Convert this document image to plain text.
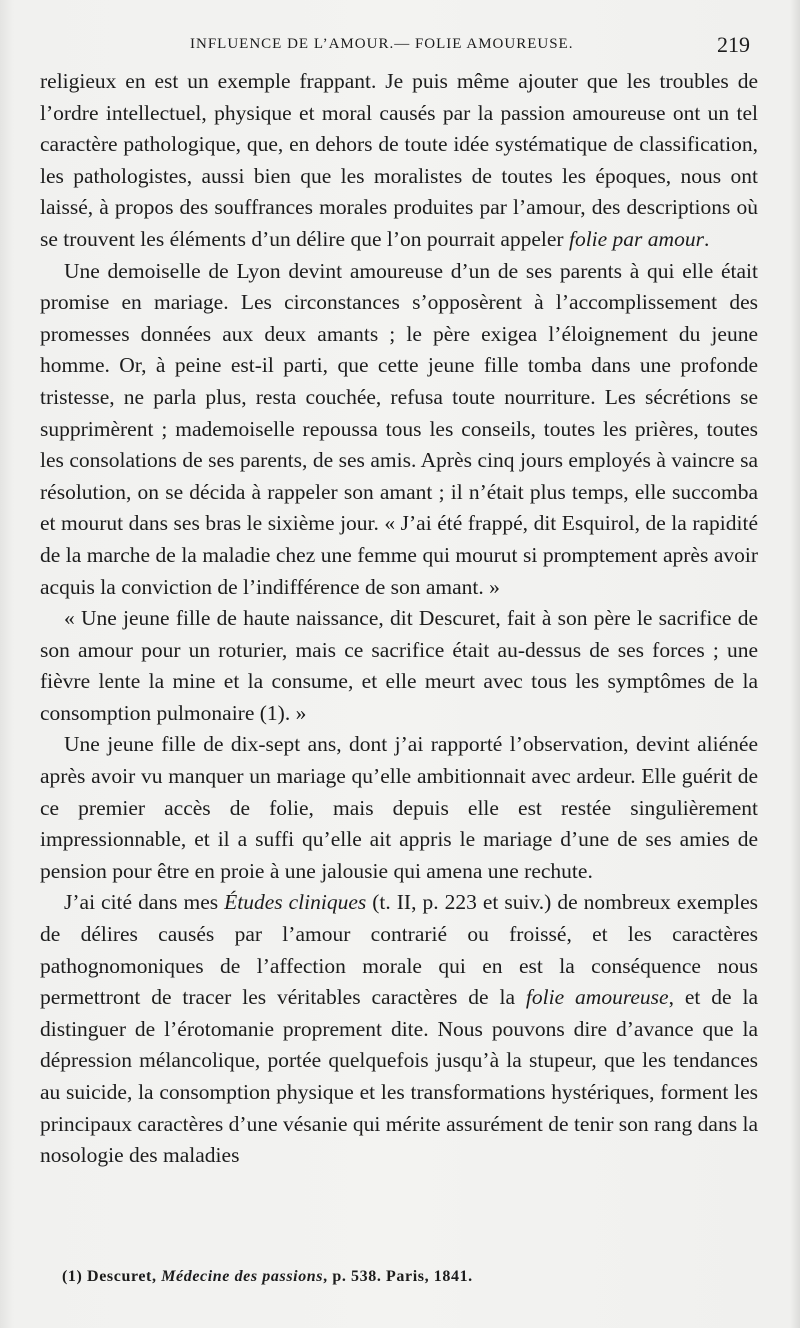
INFLUENCE DE L’AMOUR.— FOLIE AMOUREUSE.	219

religieux en est un exemple frappant. Je puis même ajouter que les troubles de l’ordre intellectuel, physique et moral causés par la passion amoureuse ont un tel caractère pathologique, que, en dehors de toute idée systématique de classification, les pathologistes, aussi bien que les moralistes de toutes les époques, nous ont laissé, à propos des souffrances morales produites par l’amour, des descriptions où se trouvent les éléments d’un délire que l’on pourrait appeler folie par amour.

Une demoiselle de Lyon devint amoureuse d’un de ses parents à qui elle était promise en mariage. Les circonstances s’opposèrent à l’accomplissement des promesses données aux deux amants ; le père exigea l’éloignement du jeune homme. Or, à peine est-il parti, que cette jeune fille tomba dans une profonde tristesse, ne parla plus, resta couchée, refusa toute nourriture. Les sécrétions se supprimèrent ; mademoiselle repoussa tous les conseils, toutes les prières, toutes les consolations de ses parents, de ses amis. Après cinq jours employés à vaincre sa résolution, on se décida à rappeler son amant ; il n’était plus temps, elle succomba et mourut dans ses bras le sixième jour. « J’ai été frappé, dit Esquirol, de la rapidité de la marche de la maladie chez une femme qui mourut si promptement après avoir acquis la conviction de l’indifférence de son amant. »

« Une jeune fille de haute naissance, dit Descuret, fait à son père le sacrifice de son amour pour un roturier, mais ce sacrifice était au-dessus de ses forces ; une fièvre lente la mine et la consume, et elle meurt avec tous les symptômes de la consomption pulmonaire (1). »

Une jeune fille de dix-sept ans, dont j’ai rapporté l’observation, devint aliénée après avoir vu manquer un mariage qu’elle ambitionnait avec ardeur. Elle guérit de ce premier accès de folie, mais depuis elle est restée singulièrement impressionnable, et il a suffi qu’elle ait appris le mariage d’une de ses amies de pension pour être en proie à une jalousie qui amena une rechute.

J’ai cité dans mes Études cliniques (t. II, p. 223 et suiv.) de nombreux exemples de délires causés par l’amour contrarié ou froissé, et les caractères pathognomoniques de l’affection morale qui en est la conséquence nous permettront de tracer les véritables caractères de la folie amoureuse, et de la distinguer de l’érotomanie proprement dite. Nous pouvons dire d’avance que la dépression mélancolique, portée quelquefois jusqu’à la stupeur, que les tendances au suicide, la consomption physique et les transformations hystériques, forment les principaux caractères d’une vésanie qui mérite assurément de tenir son rang dans la nosologie des maladies

(1) Descuret, Médecine des passions, p. 538. Paris, 1841.
